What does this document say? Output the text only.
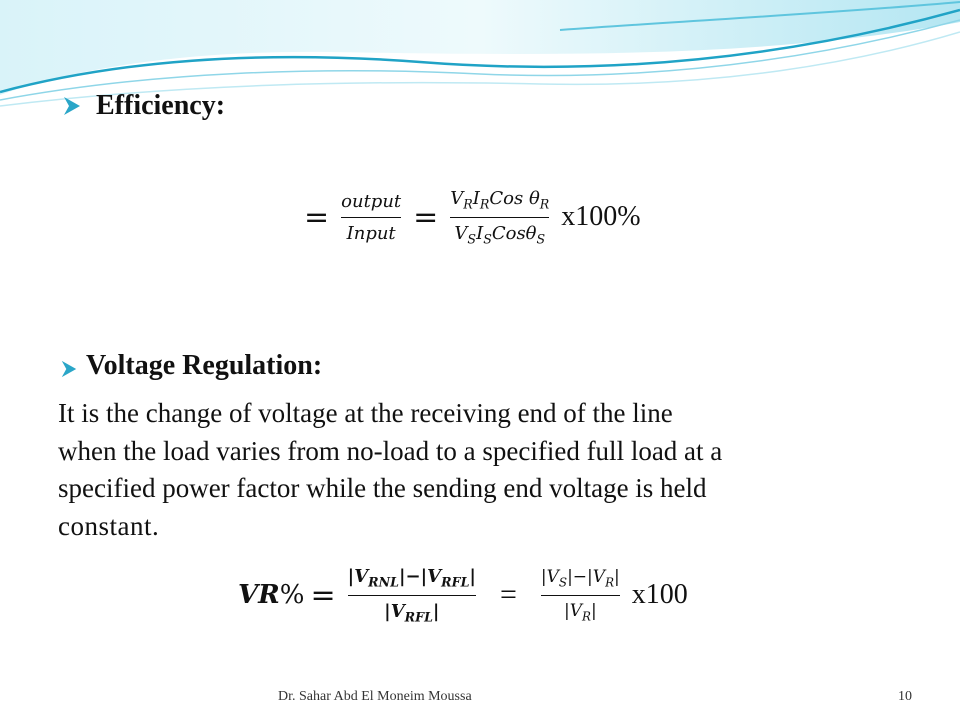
Efficiency:
= $\frac{\text{output}}{\text{Input}} = \frac{V_RI_RCos \theta_R}{V_SI_SCos\theta_S} x100\%$
Voltage Regulation:
It is the change of voltage at the receiving end of the line
when the load varies from no-load to a specified full load at a
specified power factor while the sending end voltage is held
constant.
VR % = $\frac{|V_{RNL}|-|V_{RFL}|}{|V_{RFL}|} = \frac{|V_S|-|V_R|}{|V_R|} x100$
Dr. Sahar Abd El Moneim Moussa	10
